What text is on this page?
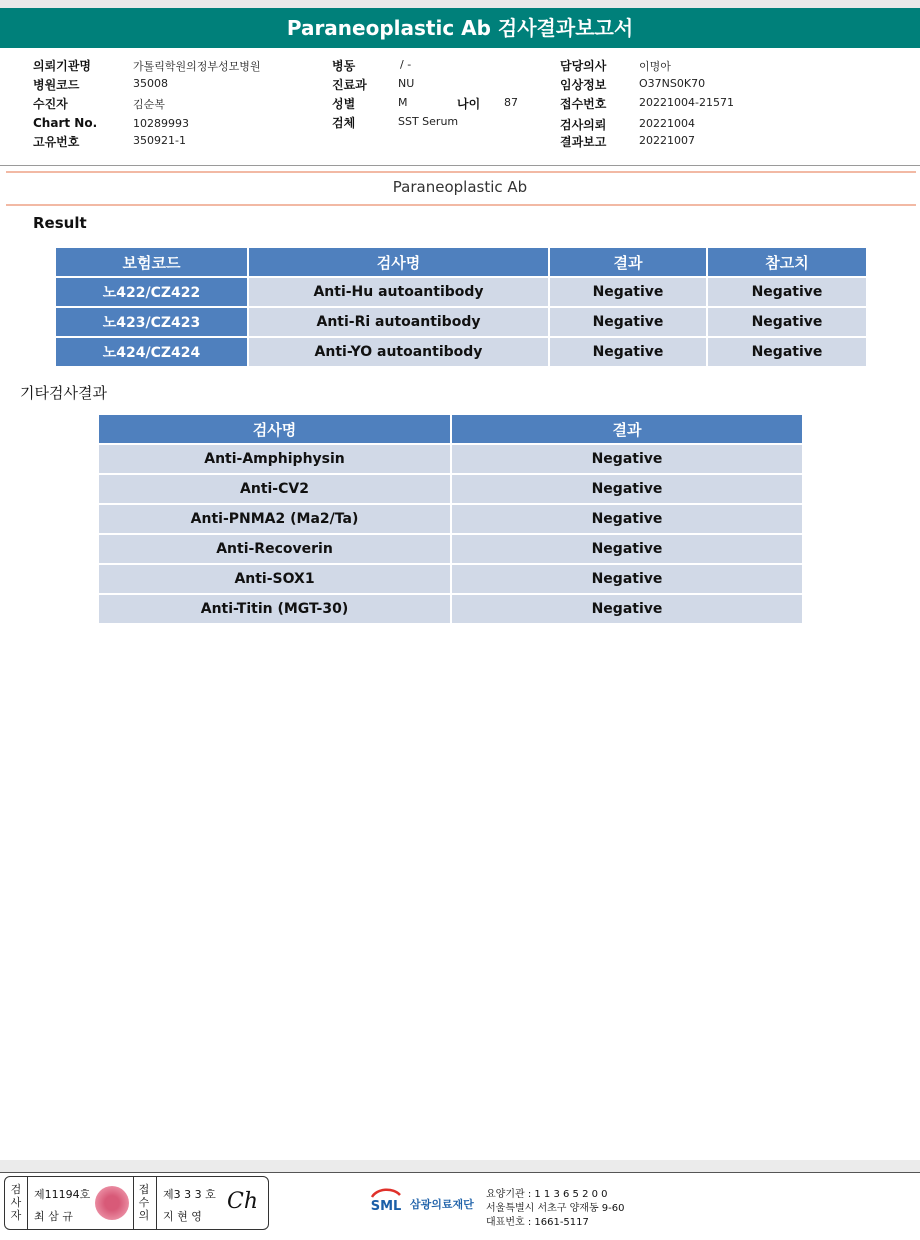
Paraneoplastic Ab 검사결과보고서
의뢰기관명	가톨릭학원의정부성모병원
병원코드	35008
수진자	김순복
Chart No.	10289993
고유번호	350921-1
병동	/ -
진료과	NU
성별	M	나이 87
검체	SST Serum
담당의사	이명아
임상정보	O37NS0K70
접수번호	20221004-21571
검사의뢰	20221004
결과보고	20221007
Paraneoplastic Ab
Result
보험코드	검사명	결과	참고치
노422/CZ422	Anti-Hu autoantibody	Negative	Negative
노423/CZ423	Anti-Ri autoantibody	Negative	Negative
노424/CZ424	Anti-YO autoantibody	Negative	Negative
기타검사결과
검사명	결과
Anti-Amphiphysin	Negative
Anti-CV2	Negative
Anti-PNMA2 (Ma2/Ta)	Negative
Anti-Recoverin	Negative
Anti-SOX1	Negative
Anti-Titin (MGT-30)	Negative
검
사
자
제11194호
최 삼 규
접
수
의
제3 3 3 호
지 현 영
Ch	SML 삼광의료재단
요양기관 : 1 1 3 6 5 2 0 0
서울특별시 서초구 양재동 9-60
대표번호 : 1661-5117
